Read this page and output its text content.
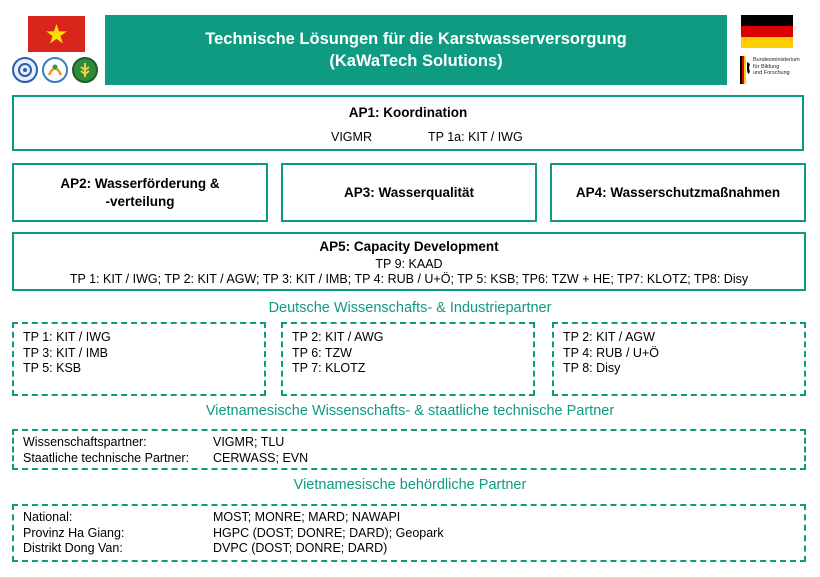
Technische Lösungen für die Karstwasserversorgung
(KaWaTech Solutions)	Bundesministerium
für Bildung
und Forschung
AP1: Koordination
VIGMR	TP 1a: KIT / IWG
AP2: Wasserförderung &
-verteilung
AP3: Wasserqualität	AP4: Wasserschutzmaßnahmen
AP5: Capacity Development
TP 9: KAAD
TP 1: KIT / IWG; TP 2: KIT / AGW; TP 3: KIT / IMB; TP 4: RUB / U+Ö; TP 5: KSB; TP6: TZW + HE; TP7: KLOTZ; TP8: Disy
Deutsche Wissenschafts- & Industriepartner
TP 1: KIT / IWG
TP 3: KIT / IMB
TP 5: KSB
TP 2: KIT / AWG
TP 6: TZW
TP 7: KLOTZ
TP 2: KIT / AGW
TP 4: RUB / U+Ö
TP 8: Disy
Vietnamesische Wissenschafts- & staatliche technische Partner
Wissenschaftspartner:	VIGMR; TLU
Staatliche technische Partner: CERWASS; EVN
Vietnamesische behördliche Partner
National:	MOST; MONRE; MARD; NAWAPI
Provinz Ha Giang:	HGPC (DOST; DONRE; DARD); Geopark
Distrikt Dong Van:	DVPC (DOST; DONRE; DARD)
